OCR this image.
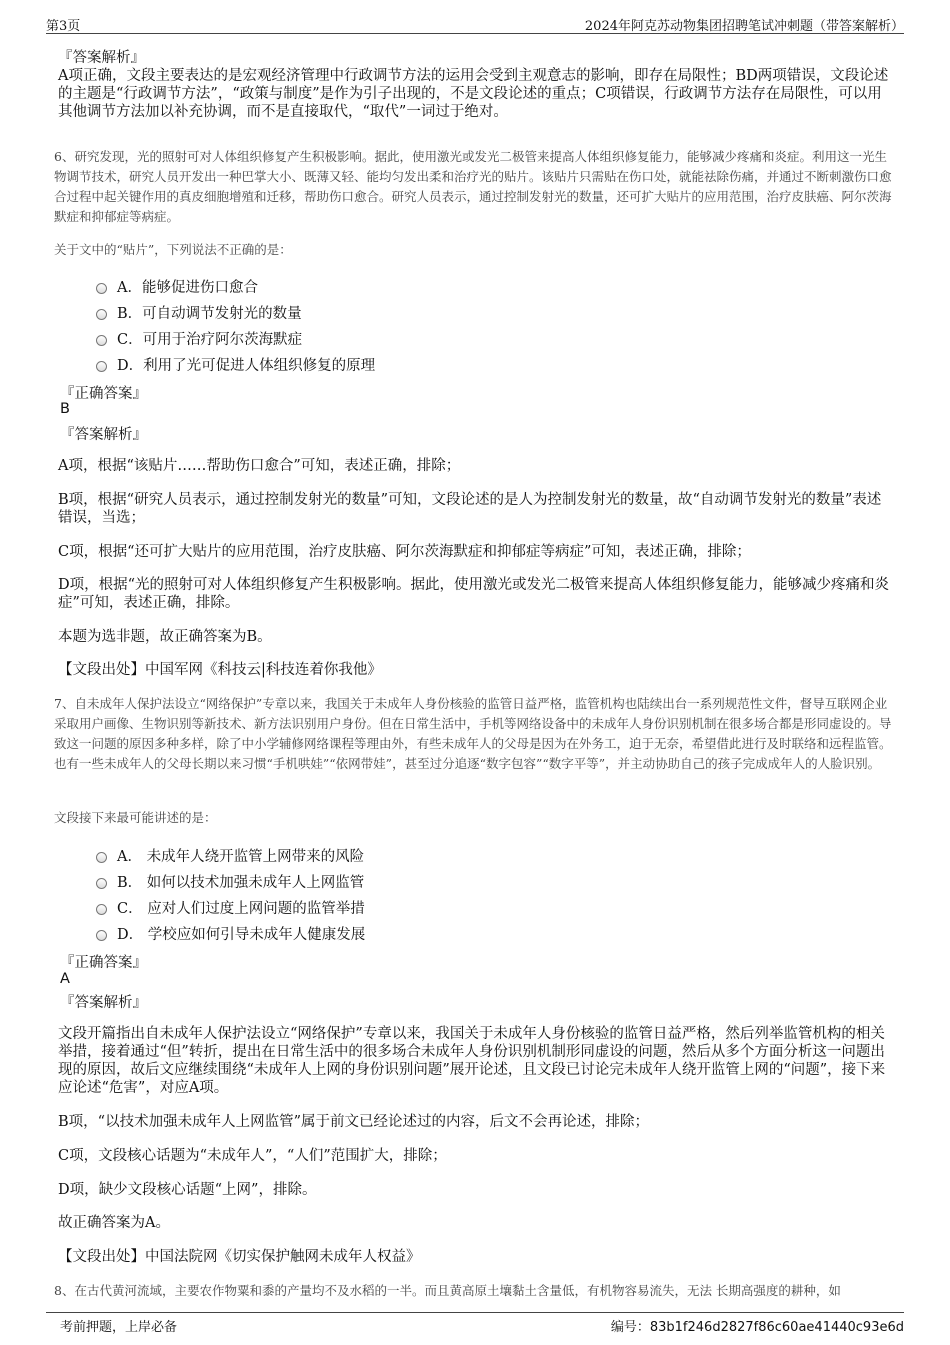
第3页	2024年阿克苏动物集团招聘笔试冲刺题（带答案解析）
『答案解析』
A项正确，文段主要表达的是宏观经济管理中行政调节方法的运用会受到主观意志的影响，即存在局限性；BD两项错误，文段论述的主题是“行政调节方法”，“政策与制度”是作为引子出现的，不是文段论述的重点；C项错误，行政调节方法存在局限性，可以用其他调节方法加以补充协调，而不是直接取代，“取代”一词过于绝对。
6、研究发现，光的照射可对人体组织修复产生积极影响。据此，使用激光或发光二极管来提高人体组织修复能力，能够减少疼痛和炎症。利用这一光生物调节技术，研究人员开发出一种巴掌大小、既薄又轻、能均匀发出柔和治疗光的贴片。该贴片只需贴在伤口处，就能祛除伤痛，并通过不断刺激伤口愈合过程中起关键作用的真皮细胞增殖和迁移，帮助伤口愈合。研究人员表示，通过控制发射光的数量，还可扩大贴片的应用范围，治疗皮肤癌、阿尔茨海默症和抑郁症等病症。
关于文中的“贴片”，下列说法不正确的是：
A．能够促进伤口愈合
B．可自动调节发射光的数量
C．可用于治疗阿尔茨海默症
D．利用了光可促进人体组织修复的原理
『正确答案』
B
『答案解析』
A项，根据“该贴片……帮助伤口愈合”可知，表述正确，排除；
B项，根据“研究人员表示，通过控制发射光的数量”可知，文段论述的是人为控制发射光的数量，故“自动调节发射光的数量”表述错误，当选；
C项，根据“还可扩大贴片的应用范围，治疗皮肤癌、阿尔茨海默症和抑郁症等病症”可知，表述正确，排除；
D项，根据“光的照射可对人体组织修复产生积极影响。据此，使用激光或发光二极管来提高人体组织修复能力，能够减少疼痛和炎症”可知，表述正确，排除。
本题为选非题，故正确答案为B。
【文段出处】中国军网《科技云|科技连着你我他》
7、自未成年人保护法设立“网络保护”专章以来，我国关于未成年人身份核验的监管日益严格，监管机构也陆续出台一系列规范性文件，督导互联网企业采取用户画像、生物识别等新技术、新方法识别用户身份。但在日常生活中，手机等网络设备中的未成年人身份识别机制在很多场合都是形同虚设的。导致这一问题的原因多种多样，除了中小学辅修网络课程等理由外，有些未成年人的父母是因为在外务工，迫于无奈，希望借此进行及时联络和远程监管。也有一些未成年人的父母长期以来习惯“手机哄娃”“依网带娃”，甚至过分追逐“数字包容”“数字平等”，并主动协助自己的孩子完成成年人的人脸识别。
文段接下来最可能讲述的是：
A． 未成年人绕开监管上网带来的风险
B． 如何以技术加强未成年人上网监管
C． 应对人们过度上网问题的监管举措
D． 学校应如何引导未成年人健康发展
『正确答案』
A
『答案解析』
文段开篇指出自未成年人保护法设立“网络保护”专章以来，我国关于未成年人身份核验的监管日益严格，然后列举监管机构的相关举措，接着通过“但”转折，提出在日常生活中的很多场合未成年人身份识别机制形同虚设的问题，然后从多个方面分析这一问题出现的原因，故后文应继续围绕“未成年人上网的身份识别问题”展开论述，且文段已讨论完未成年人绕开监管上网的“问题”，接下来应论述“危害”，对应A项。
B项，“以技术加强未成年人上网监管”属于前文已经论述过的内容，后文不会再论述，排除；
C项，文段核心话题为“未成年人”，“人们”范围扩大，排除；
D项，缺少文段核心话题“上网”，排除。
故正确答案为A。
【文段出处】中国法院网《切实保护触网未成年人权益》
8、在古代黄河流域，主要农作物粟和黍的产量均不及水稻的一半。而且黄高原土壤黏土含量低，有机物容易流失，无法 长期高强度的耕种，如
考前押题，上岸必备	编号：83b1f246d2827f86c60ae41440c93e6d
